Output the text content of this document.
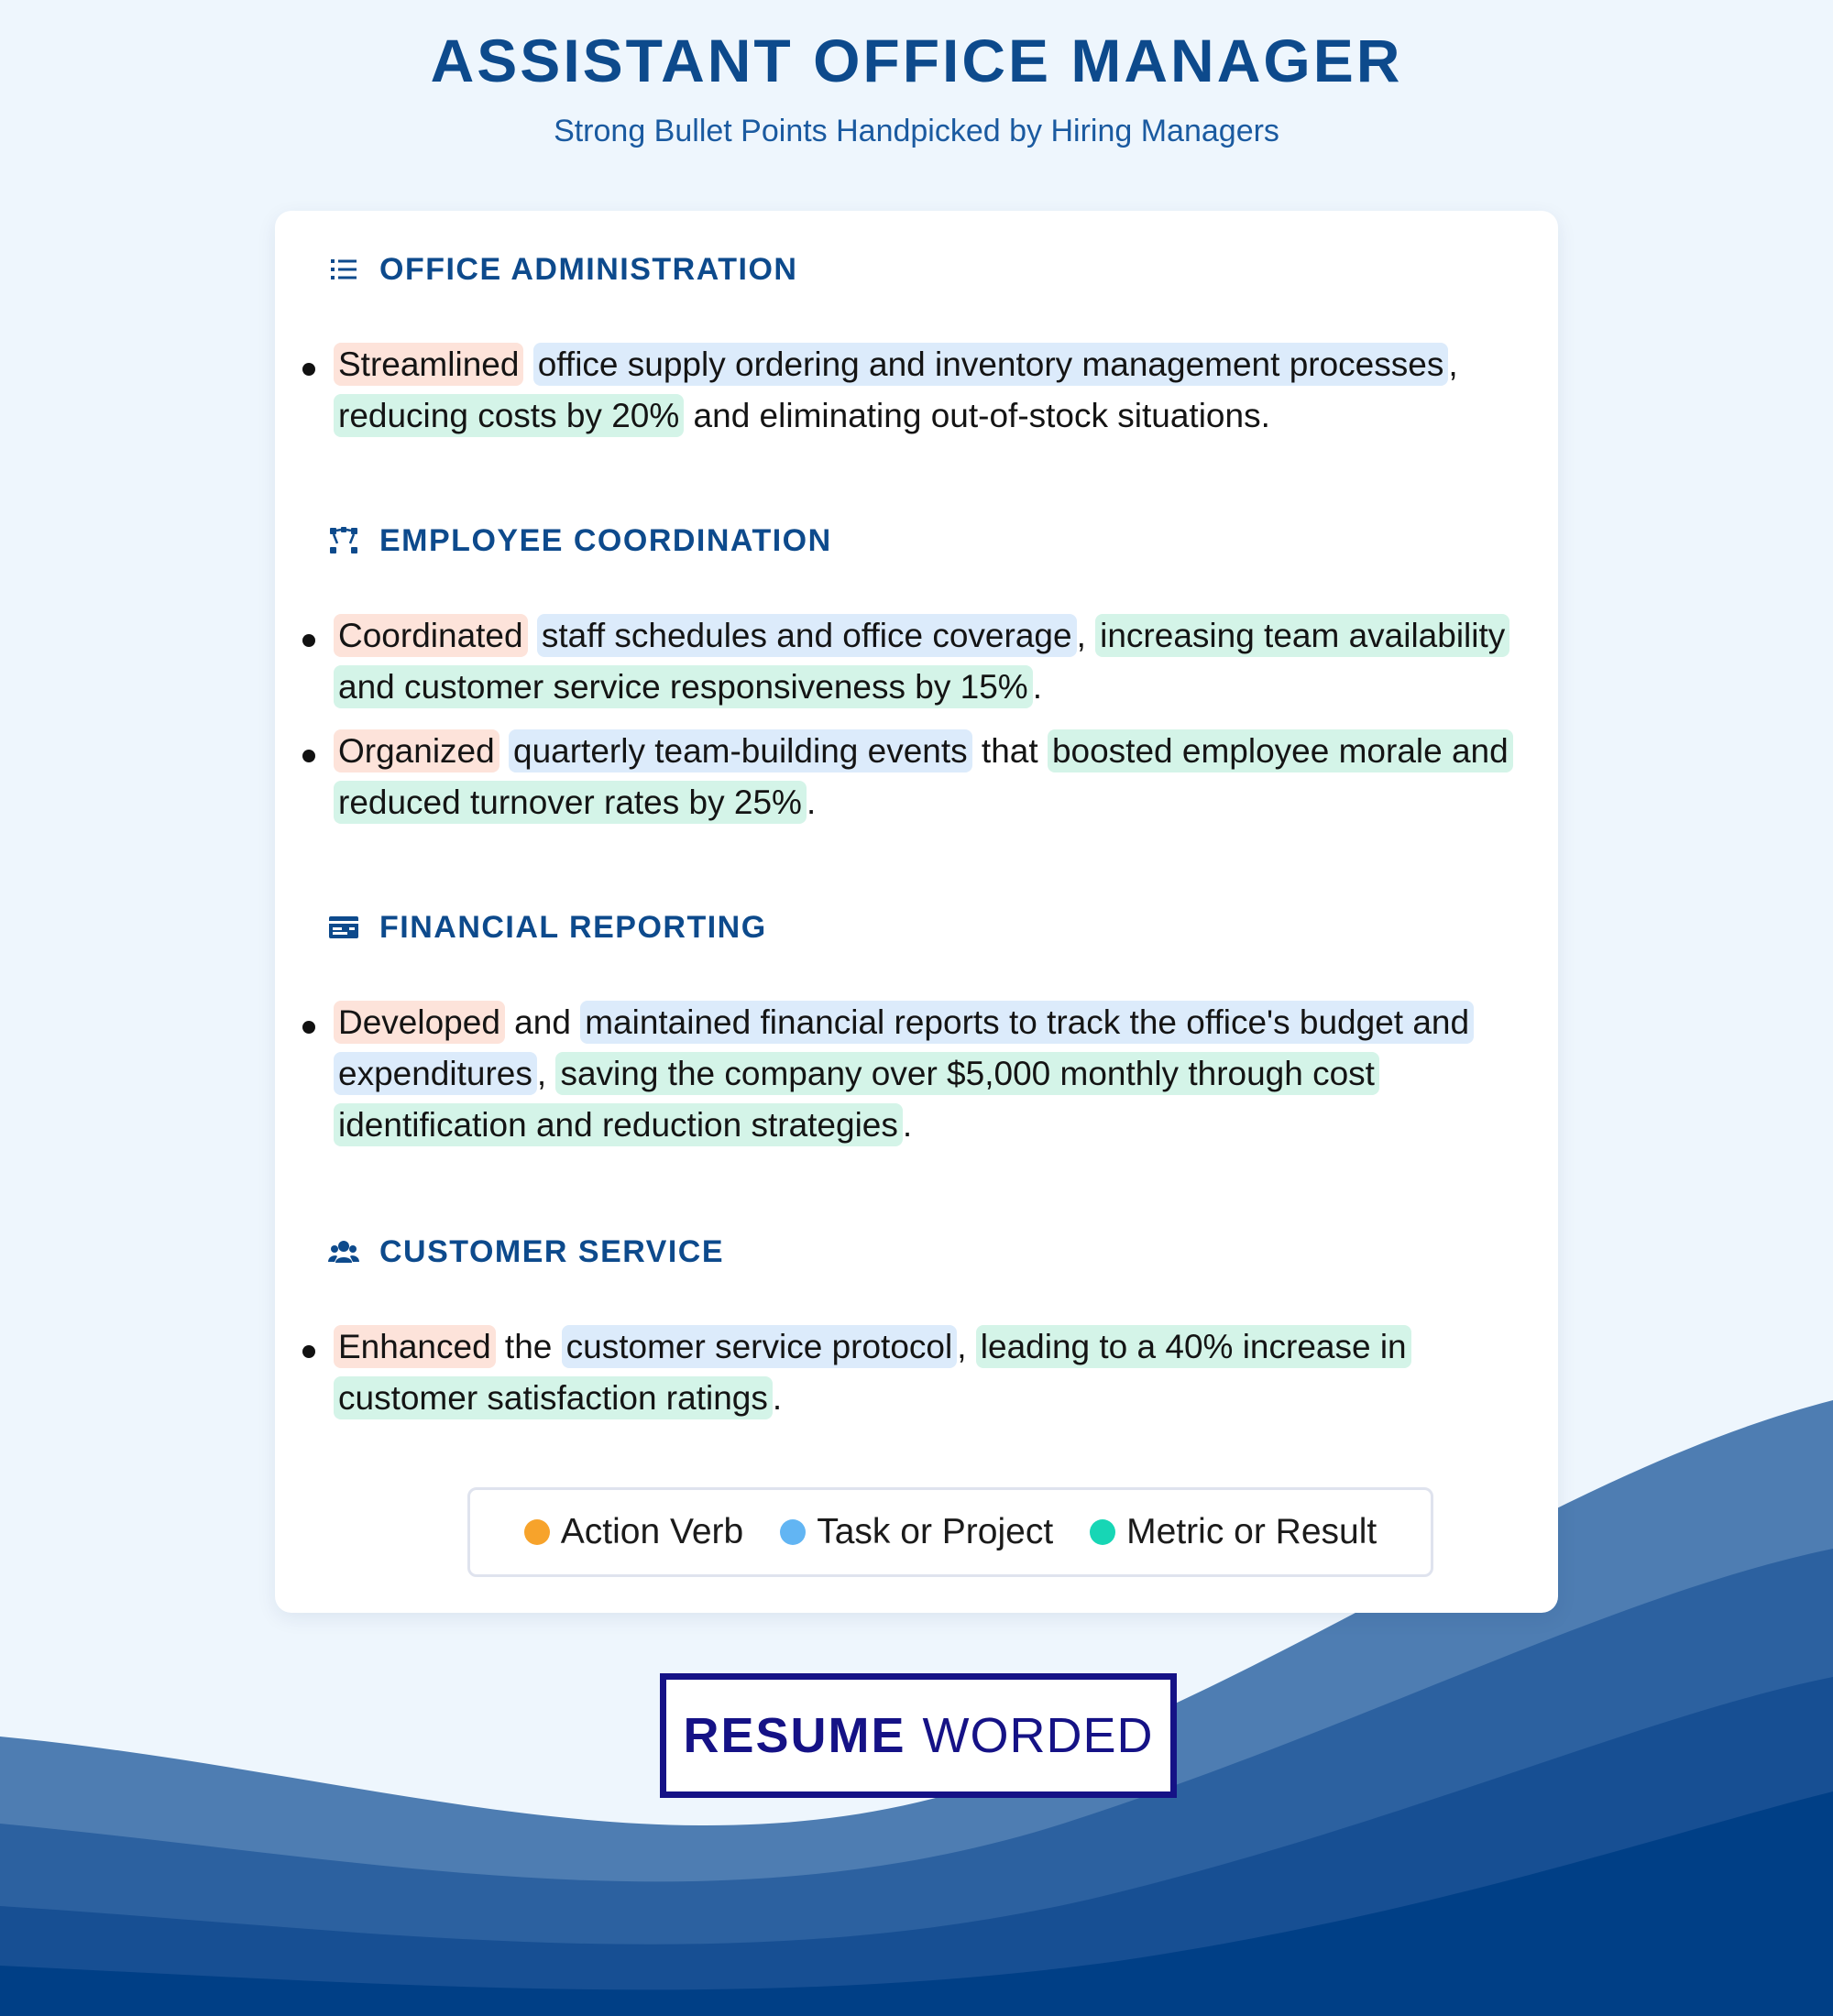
ASSISTANT OFFICE MANAGER
Strong Bullet Points Handpicked by Hiring Managers
OFFICE ADMINISTRATION

Streamlined office supply ordering and inventory management processes , reducing costs by 20% and eliminating out-of-stock situations.

EMPLOYEE COORDINATION

Coordinated staff schedules and office coverage , increasing team availability and customer service responsiveness by 15% .

Organized quarterly team-building events that boosted employee morale and reduced turnover rates by 25% .

FINANCIAL REPORTING

Developed and maintained financial reports to track the office's budget and expenditures , saving the company over $5,000 monthly through cost identification and reduction strategies .

CUSTOMER SERVICE

Enhanced the customer service protocol , leading to a 40% increase in customer satisfaction ratings .

Action Verb Task or Project Metric or Result
RESUME WORDED
